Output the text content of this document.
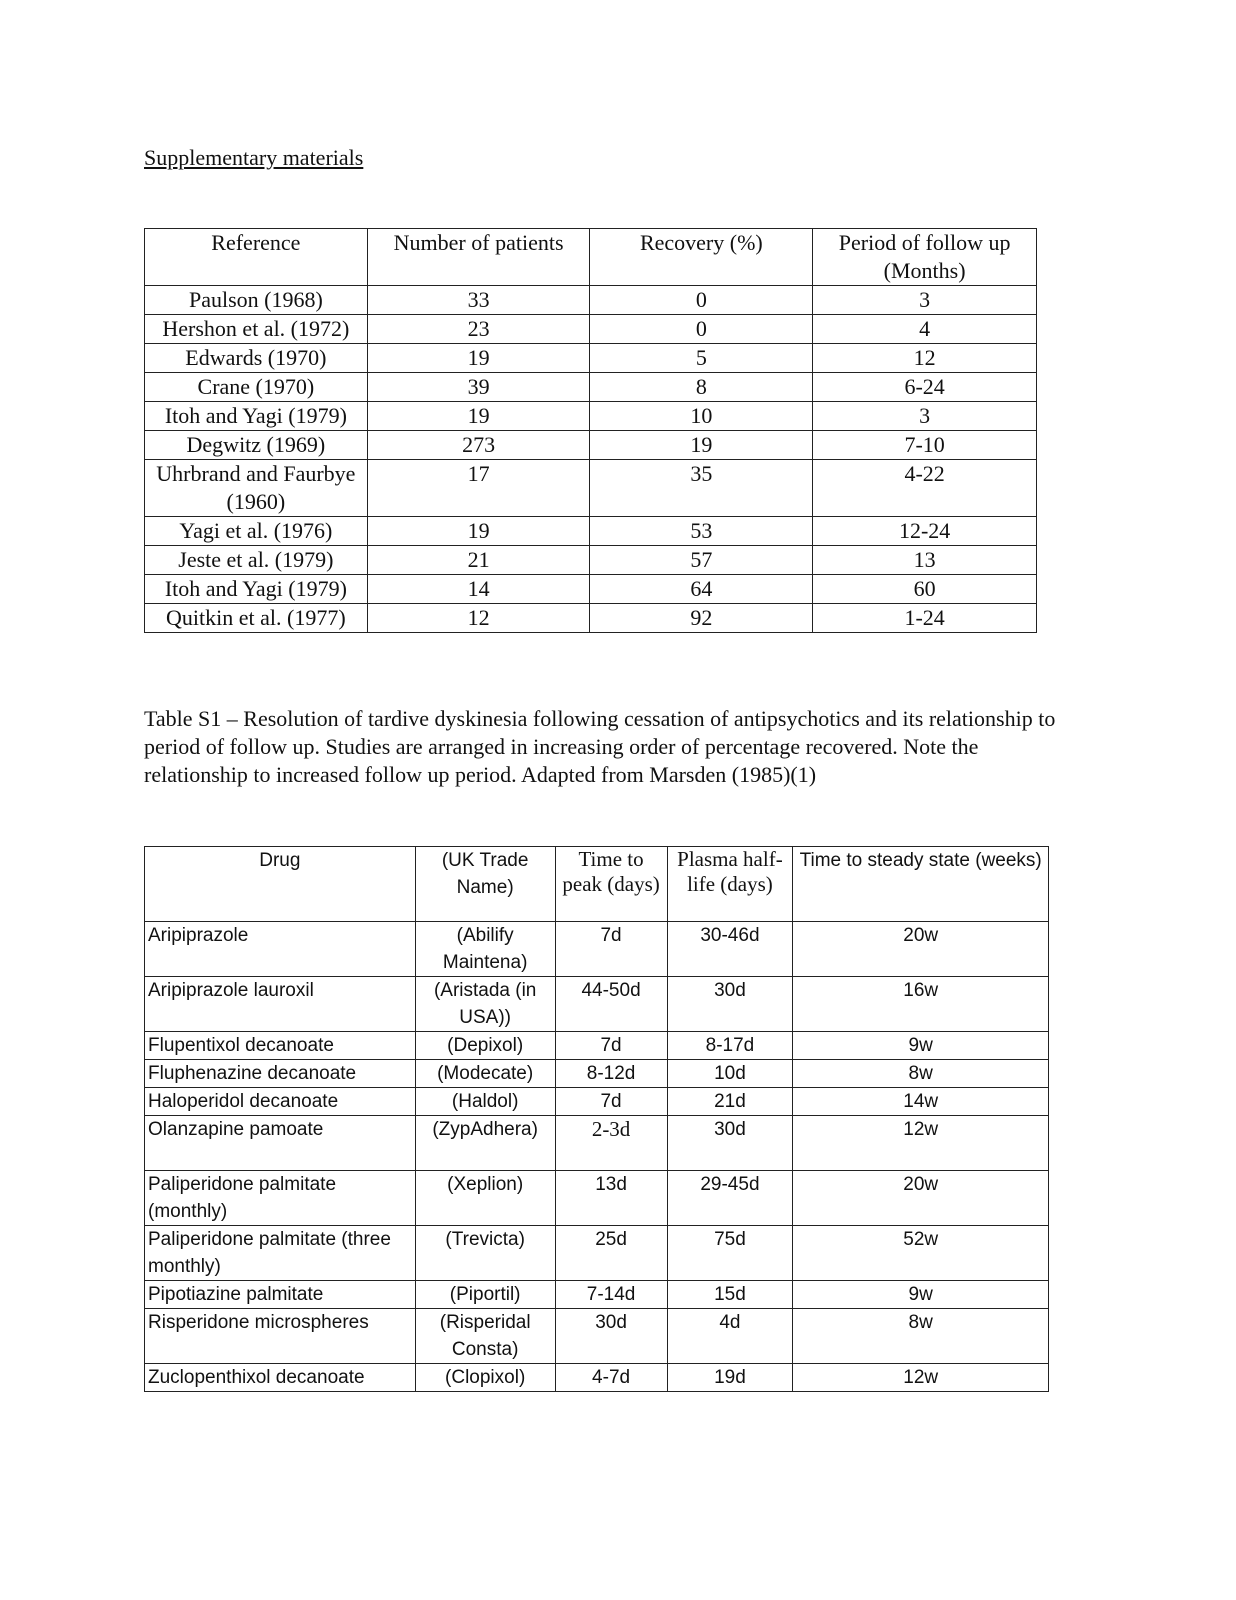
Supplementary materials
Reference	Number of patients	Recovery (%)	Period of follow up (Months)
Paulson (1968)	33	0	3
Hershon et al. (1972)	23	0	4
Edwards (1970)	19	5	12
Crane (1970)	39	8	6-24
Itoh and Yagi (1979)	19	10	3
Degwitz (1969)	273	19	7-10
Uhrbrand and Faurbye (1960)	17	35	4-22
Yagi et al. (1976)	19	53	12-24
Jeste et al. (1979)	21	57	13
Itoh and Yagi (1979)	14	64	60
Quitkin et al. (1977)	12	92	1-24
Table S1 – Resolution of tardive dyskinesia following cessation of antipsychotics and its relationship to period of follow up. Studies are arranged in increasing order of percentage recovered. Note the relationship to increased follow up period. Adapted from Marsden (1985)(1)
Drug	(UK Trade Name)	Time to peak (days)	Plasma half-life (days)	Time to steady state (weeks)
Aripiprazole	(Abilify Maintena)	7d	30-46d	20w
Aripiprazole lauroxil	(Aristada (in USA))	44-50d	30d	16w
Flupentixol decanoate	(Depixol)	7d	8-17d	9w
Fluphenazine decanoate	(Modecate)	8-12d	10d	8w
Haloperidol decanoate	(Haldol)	7d	21d	14w
Olanzapine pamoate	(ZypAdhera)	2-3d	30d	12w
Paliperidone palmitate (monthly)	(Xeplion)	13d	29-45d	20w
Paliperidone palmitate (three monthly)	(Trevicta)	25d	75d	52w
Pipotiazine palmitate	(Piportil)	7-14d	15d	9w
Risperidone microspheres	(Risperidal Consta)	30d	4d	8w
Zuclopenthixol decanoate	(Clopixol)	4-7d	19d	12w
